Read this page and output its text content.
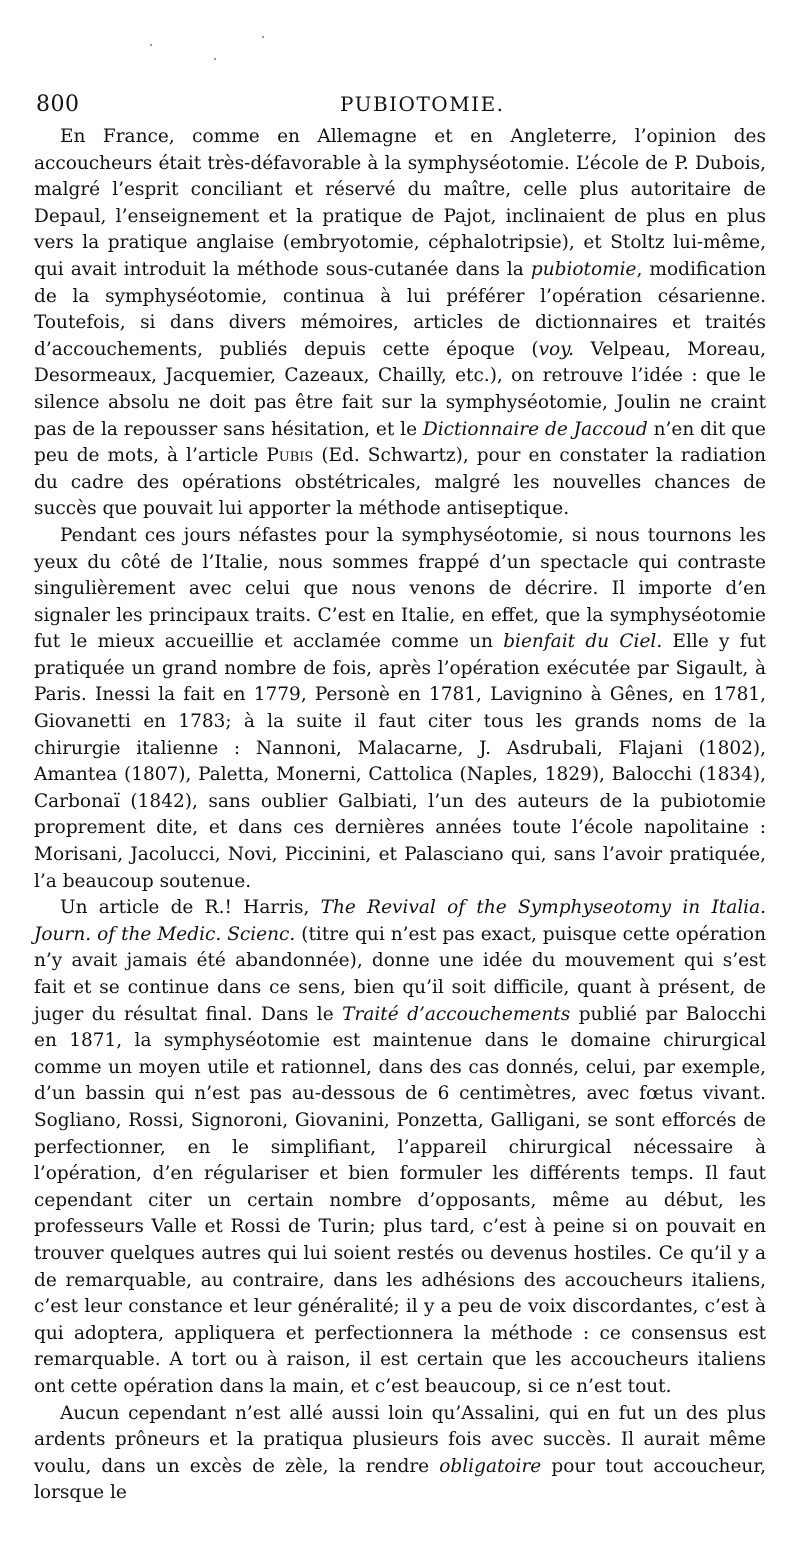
800	PUBIOTOMIE.

En France, comme en Allemagne et en Angleterre, l’opinion des accoucheurs était très-défavorable à la symphyséotomie. L’école de P. Dubois, malgré l’esprit conciliant et réservé du maître, celle plus autoritaire de Depaul, l’enseignement et la pratique de Pajot, inclinaient de plus en plus vers la pratique anglaise (embryotomie, céphalotripsie), et Stoltz lui-même, qui avait introduit la méthode sous-cutanée dans la pubiotomie, modification de la symphyséotomie, continua à lui préférer l’opération césarienne. Toutefois, si dans divers mémoires, articles de dictionnaires et traités d’accouchements, publiés depuis cette époque (voy. Velpeau, Moreau, Desormeaux, Jacquemier, Cazeaux, Chailly, etc.), on retrouve l’idée : que le silence absolu ne doit pas être fait sur la symphyséotomie, Joulin ne craint pas de la repousser sans hésitation, et le Dictionnaire de Jaccoud n’en dit que peu de mots, à l’article Pubis (Ed. Schwartz), pour en constater la radiation du cadre des opérations obstétricales, malgré les nouvelles chances de succès que pouvait lui apporter la méthode antiseptique.

Pendant ces jours néfastes pour la symphyséotomie, si nous tournons les yeux du côté de l’Italie, nous sommes frappé d’un spectacle qui contraste singulièrement avec celui que nous venons de décrire. Il importe d’en signaler les principaux traits. C’est en Italie, en effet, que la symphyséotomie fut le mieux accueillie et acclamée comme un bienfait du Ciel. Elle y fut pratiquée un grand nombre de fois, après l’opération exécutée par Sigault, à Paris. Inessi la fait en 1779, Personè en 1781, Lavignino à Gênes, en 1781, Giovanetti en 1783; à la suite il faut citer tous les grands noms de la chirurgie italienne : Nannoni, Malacarne, J. Asdrubali, Flajani (1802), Amantea (1807), Paletta, Monerni, Cattolica (Naples, 1829), Balocchi (1834), Carbonaï (1842), sans oublier Galbiati, l’un des auteurs de la pubiotomie proprement dite, et dans ces dernières années toute l’école napolitaine : Morisani, Jacolucci, Novi, Piccinini, et Palasciano qui, sans l’avoir pratiquée, l’a beaucoup soutenue.

Un article de R.! Harris, The Revival of the Symphyseotomy in Italia. Journ. of the Medic. Scienc. (titre qui n’est pas exact, puisque cette opération n’y avait jamais été abandonnée), donne une idée du mouvement qui s’est fait et se continue dans ce sens, bien qu’il soit difficile, quant à présent, de juger du résultat final. Dans le Traité d’accouchements publié par Balocchi en 1871, la symphyséotomie est maintenue dans le domaine chirurgical comme un moyen utile et rationnel, dans des cas donnés, celui, par exemple, d’un bassin qui n’est pas au-dessous de 6 centimètres, avec fœtus vivant. Sogliano, Rossi, Signoroni, Giovanini, Ponzetta, Galligani, se sont efforcés de perfectionner, en le simplifiant, l’appareil chirurgical nécessaire à l’opération, d’en régulariser et bien formuler les différents temps. Il faut cependant citer un certain nombre d’opposants, même au début, les professeurs Valle et Rossi de Turin; plus tard, c’est à peine si on pouvait en trouver quelques autres qui lui soient restés ou devenus hostiles. Ce qu’il y a de remarquable, au contraire, dans les adhésions des accoucheurs italiens, c’est leur constance et leur généralité; il y a peu de voix discordantes, c’est à qui adoptera, appliquera et perfectionnera la méthode : ce consensus est remarquable. A tort ou à raison, il est certain que les accoucheurs italiens ont cette opération dans la main, et c’est beaucoup, si ce n’est tout.

Aucun cependant n’est allé aussi loin qu’Assalini, qui en fut un des plus ardents prôneurs et la pratiqua plusieurs fois avec succès. Il aurait même voulu, dans un excès de zèle, la rendre obligatoire pour tout accoucheur, lorsque le
